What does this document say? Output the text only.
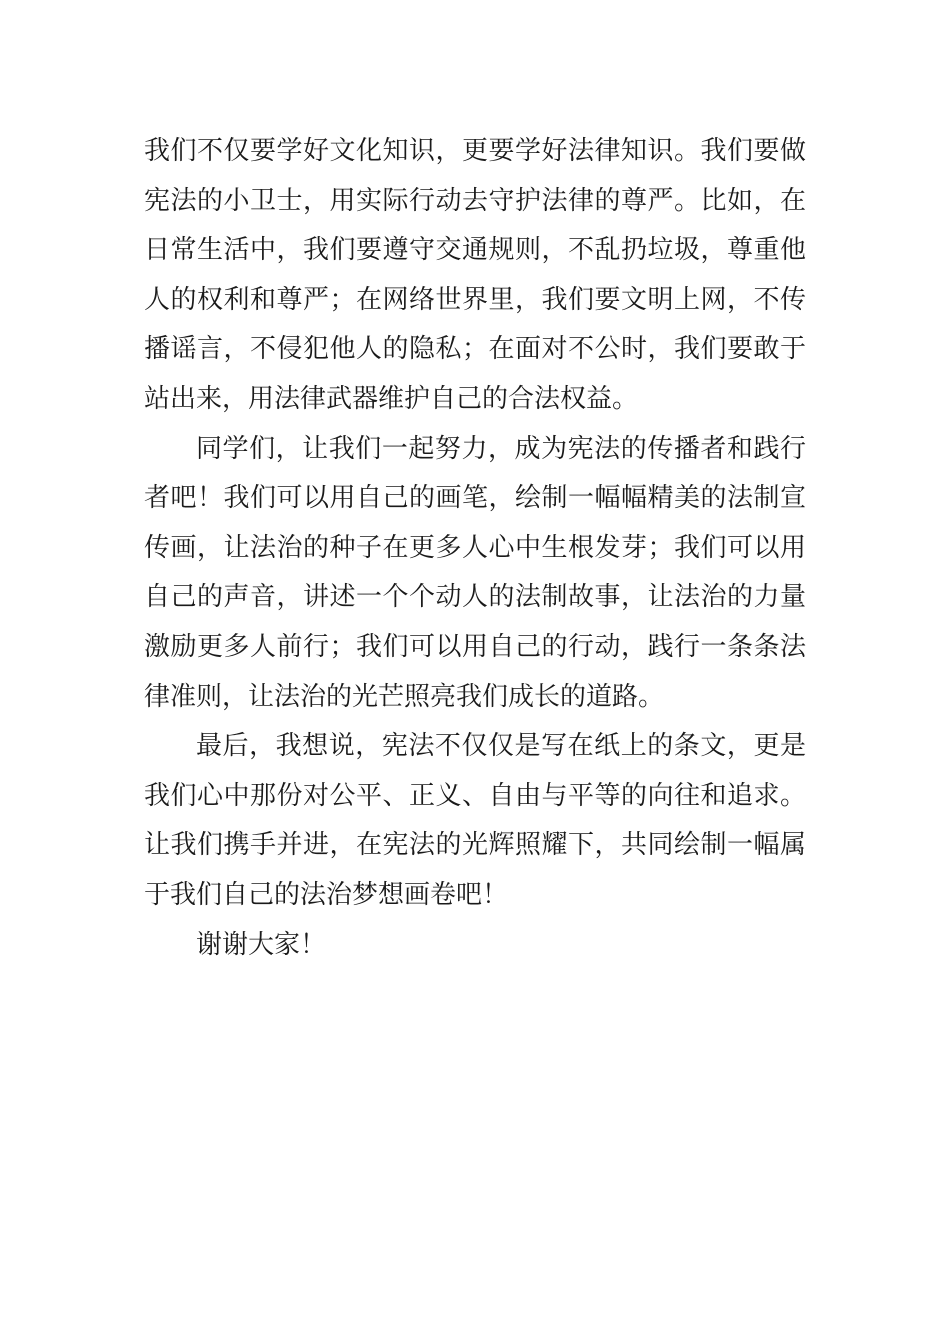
我们不仅要学好文化知识，更要学好法律知识。我们要做宪法的小卫士，用实际行动去守护法律的尊严。比如，在日常生活中，我们要遵守交通规则，不乱扔垃圾，尊重他人的权利和尊严；在网络世界里，我们要文明上网，不传播谣言，不侵犯他人的隐私；在面对不公时，我们要敢于站出来，用法律武器维护自己的合法权益。

同学们，让我们一起努力，成为宪法的传播者和践行者吧！我们可以用自己的画笔，绘制一幅幅精美的法制宣传画，让法治的种子在更多人心中生根发芽；我们可以用自己的声音，讲述一个个动人的法制故事，让法治的力量激励更多人前行；我们可以用自己的行动，践行一条条法律准则，让法治的光芒照亮我们成长的道路。

最后，我想说，宪法不仅仅是写在纸上的条文，更是我们心中那份对公平、正义、自由与平等的向往和追求。让我们携手并进，在宪法的光辉照耀下，共同绘制一幅属于我们自己的法治梦想画卷吧！

谢谢大家！
